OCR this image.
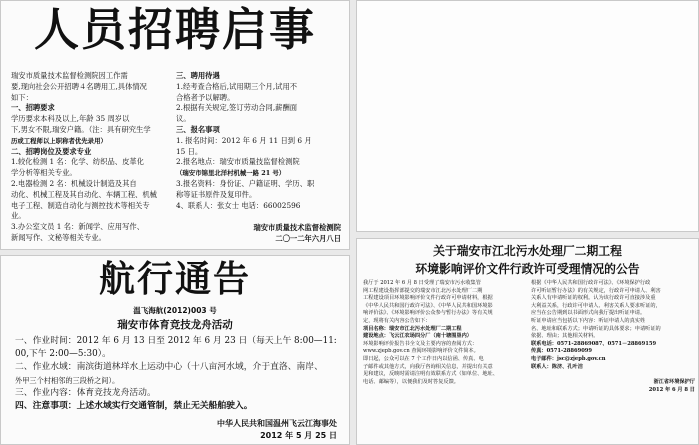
人员招聘启事
瑞安市质量技术监督检测院因工作需
要,现向社会公开招聘４名聘用工,具体情况
如下：
一、招聘要求
学历要求本科及以上,年龄 35 周岁以
下,男女不限,瑞安户籍。（注：具有研究生学
历或工程师以上职称者优先录用）
二、招聘岗位及要求专业
1.较化检测 1 名：化学、纺织品、皮革化
学分析等相关专业。
2.电器检测 2 名：机械设计制造及其自
动化、机械工程及其自动化、车辆工程、机械
电子工程、制造自动化与测控技术等相关专
业。
3.办公室文员 1 名：新闻学、应用写作、
新闻写作、文秘等相关专业。
三、聘用待遇
1.经考查合格后,试用期三个月,试用不
合格者予以解聘。
2.根据有关规定,签订劳动合同,薪酬面
议。
三、报名事项
1. 报名时间：2012 年 6 月 11 日到 6 月
15 日。
2.报名地点：瑞安市质量技监督检测院
（瑞安市锦里北洋村机械一路 21 号）
3.报名资料：身份证、户籍证明、学历、职
称等证书原件及复印件。
4、联系人：张女士 电话：66002596
瑞安市质量技术监督检测院
二〇一二年六月八日
航行通告
温飞海航(2012)003 号
瑞安市体育竞技龙舟活动
一、作业时间：2012 年 6 月 13 日至 2012 年 6 月 23 日（每天上午 8:00—11:
00,下午 2:00—5:30）。
二、作业水域：南滨街道林垟水上运动中心（十八亩河水域，介于直洛、南岸、
外甲三个村相邻的三段桥之间）。
三、作业内容：体育竞技龙舟活动。
四、注意事项：上述水域实行交通管制，禁止无关船舶驶入。
中华人民共和国温州飞云江海事处
2012 年 5 月 25 日
关于瑞安市江北污水处理厂二期工程
环境影响评价文件行政许可受理情况的公告
我厅于 2012 年 6 月 8 日受理了瑞安市污水收集管
网工程建设指挥部提交的瑞安市江北污水处理厂二期
工程建设项目环境影响评价文件行政许可申请材料，根据
《中华人民共和国行政许可法》、《中华人民共和国环境影
响评价法》、《环境影响评价公众参与暂行办法》等有关规
定，现将有关内容公告如下：
项目名称：瑞安市江北污水处理厂二期工程
建设地点：飞云江农场四分厂（南十塘围垦内）
环境影响评价报告书全文及主要内容的查阅方式：
www.zjepb.gov.cn 查阅环境影响评价文件简本。
即日起，公众可以在 7 个工作日内以信函、传真、电
子邮件或其他方式，向我厅咨询相关信息，并提出有关意
见和建议，反映时需请注明有效联系方式（如单位、地址、
电话、邮编等），以便我们及时答复反馈。
根据《中华人民共和国行政许可法》、《环境保护行政
许可听证暂行办法》的有关规定，行政许可申请人、利害
关系人有申请听证的权利。认为该行政许可直接涉及重
大利益关系，行政许可申请人、利害关系人要求听证的，
应当在公告期到以书面形式向我厅提出听证申请。
听证申请应当包括以下内容：听证申请人的真实姓
名、地址和联系方式；申请听证的具体要求；申请听证的
依据、理由；其他相关材料。
联系电话：0571-28869087、0571－28869159
传真：0571-28869099
电子邮件：jsc@zjepb.gov.cn
联系人：陈济、孔叶洁
浙江省环境保护厅
2012 年 6 月 8 日
